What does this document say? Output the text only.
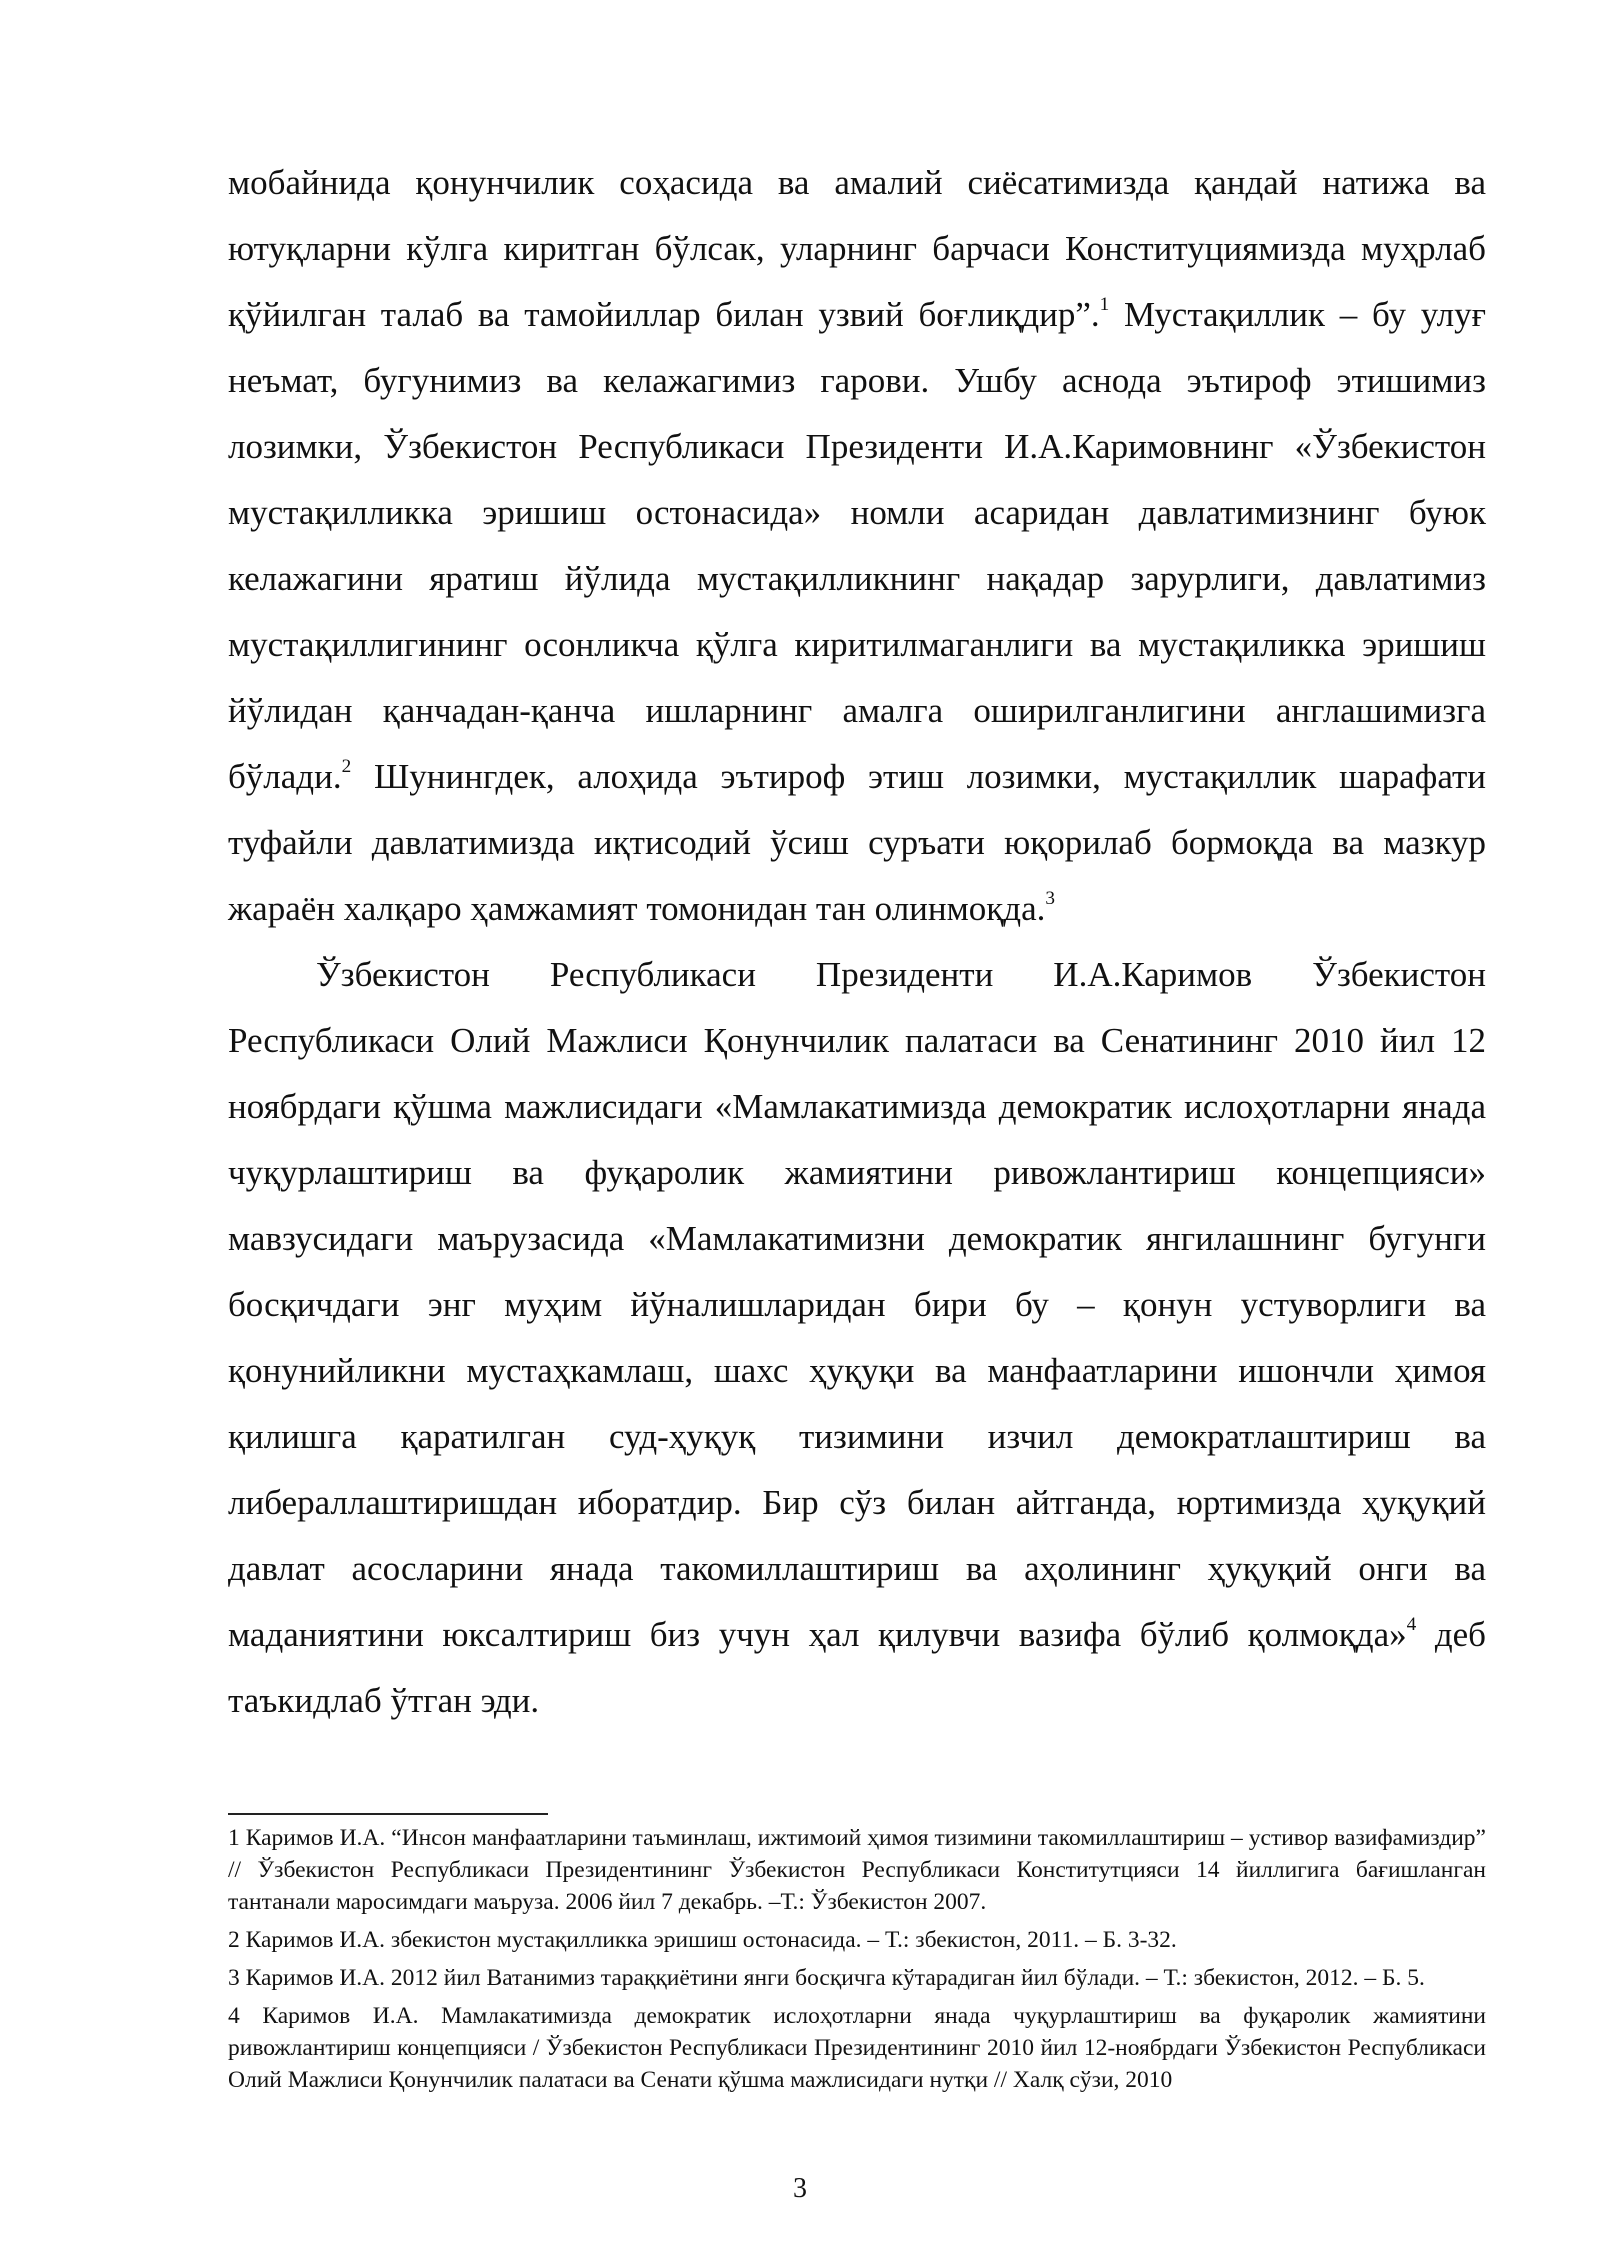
мобайнида қонунчилик соҳасида ва амалий сиёсатимизда қандай натижа ва ютуқларни кўлга киритган бўлсак, уларнинг барчаси Конституциямизда муҳрлаб қўйилган талаб ва тамойиллар билан узвий боғлиқдир”.$^1$ Мустақиллик – бу улуғ неъмат, бугунимиз ва келажагимиз гарови. Ушбу аснода эътироф этишимиз лозимки, Ўзбекистон Республикаси Президенти И.А.Каримовнинг «Ўзбекистон мустақилликка эришиш остонасида» номли асаридан давлатимизнинг буюк келажагини яратиш йўлида мустақилликнинг нақадар зарурлиги, давлатимиз мустақиллигининг осонликча қўлга киритилмаганлиги ва мустақиликка эришиш йўлидан қанчадан-қанча ишларнинг амалга оширилганлигини англашимизга бўлади.$^2$ Шунингдек, алоҳида эътироф этиш лозимки, мустақиллик шарафати туфайли давлатимизда иқтисодий ўсиш суръати юқорилаб бормоқда ва мазкур жараён халқаро ҳамжамият томонидан тан олинмоқда.$^3$

Ўзбекистон Республикаси Президенти И.А.Каримов Ўзбекистон Республикаси Олий Мажлиси Қонунчилик палатаси ва Сенатининг 2010 йил 12 ноябрдаги қўшма мажлисидаги «Мамлакатимизда демократик ислоҳотларни янада чуқурлаштириш ва фуқаролик жамиятини ривожлантириш концепцияси» мавзусидаги маърузасида «Мамлакатимизни демократик янгилашнинг бугунги босқичдаги энг муҳим йўналишларидан бири бу – қонун устуворлиги ва қонунийликни мустаҳкамлаш, шахс ҳуқуқи ва манфаатларини ишончли ҳимоя қилишга қаратилган суд-ҳуқуқ тизимини изчил демократлаштириш ва либераллаштиришдан иборатдир. Бир сўз билан айтганда, юртимизда ҳуқуқий давлат асосларини янада такомиллаштириш ва аҳолининг ҳуқуқий онги ва маданиятини юксалтириш биз учун ҳал қилувчи вазифа бўлиб қолмоқда»$^4$ деб таъкидлаб ўтган эди.

1 Каримов И.А. “Инсон манфаатларини таъминлаш, ижтимоий ҳимоя тизимини такомиллаштириш – устивор вазифамиздир” // Ўзбекистон Республикаси Президентининг Ўзбекистон Республикаси Конститутцияси 14 йиллигига бағишланган тантанали маросимдаги маъруза. 2006 йил 7 декабрь. –Т.: Ўзбекистон 2007.

2 Каримов И.А. збекистон мустақилликка эришиш остонасида. – Т.: збекистон, 2011. – Б. 3-32.

3 Каримов И.А. 2012 йил Ватанимиз тараққиётини янги босқичга кўтарадиган йил бўлади. – Т.: збекистон, 2012. – Б. 5.

4 Каримов И.А. Мамлакатимизда демократик ислоҳотларни янада чуқурлаштириш ва фуқаролик жамиятини ривожлантириш концепцияси / Ўзбекистон Республикаси Президентининг 2010 йил 12-ноябрдаги Ўзбекистон Республикаси Олий Мажлиси Қонунчилик палатаси ва Сенати қўшма мажлисидаги нутқи // Халқ сўзи, 2010

3
